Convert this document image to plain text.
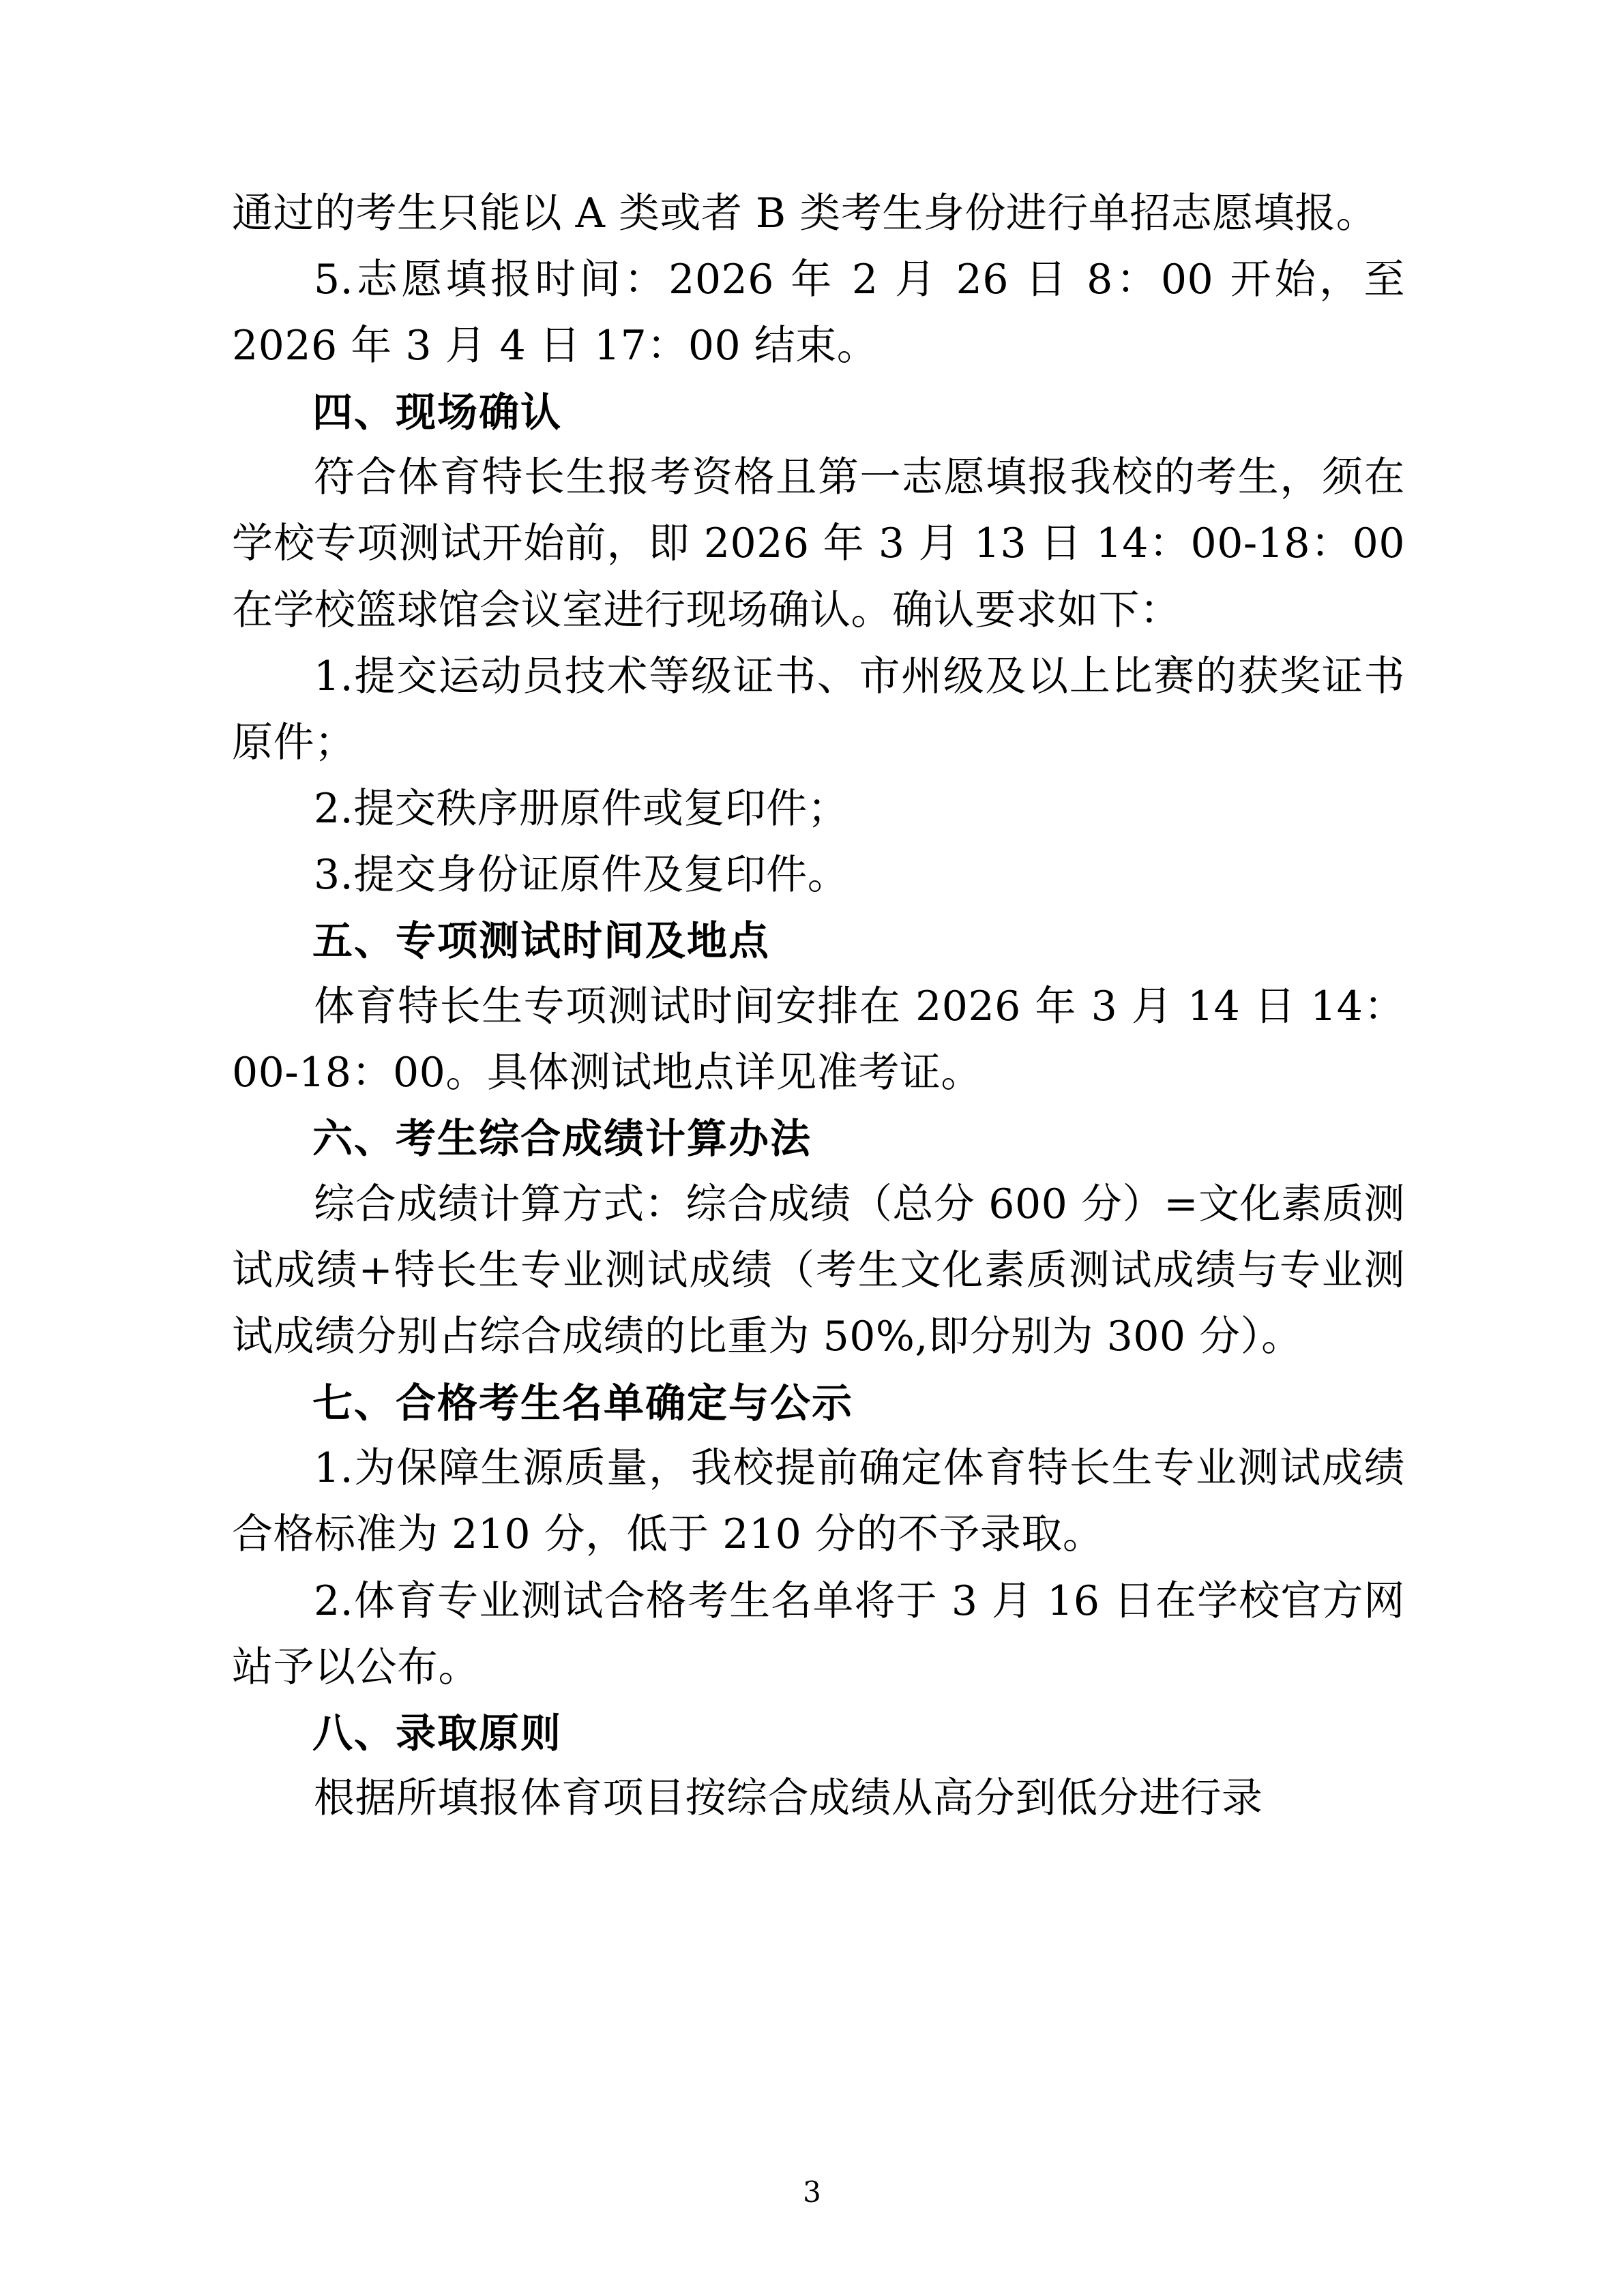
通过的考生只能以 A 类或者 B 类考生身份进行单招志愿填报。

5.志愿填报时间：2026 年 2 月 26 日 8：00 开始，至 2026 年 3 月 4 日 17：00 结束。

四、现场确认

符合体育特长生报考资格且第一志愿填报我校的考生，须在学校专项测试开始前，即 2026 年 3 月 13 日 14：00-18：00 在学校篮球馆会议室进行现场确认。确认要求如下：

1.提交运动员技术等级证书、市州级及以上比赛的获奖证书原件；

2.提交秩序册原件或复印件；

3.提交身份证原件及复印件。

五、专项测试时间及地点

体育特长生专项测试时间安排在 2026 年 3 月 14 日 14：00-18：00。具体测试地点详见准考证。

六、考生综合成绩计算办法

综合成绩计算方式：综合成绩（总分 600 分）=文化素质测试成绩+特长生专业测试成绩（考生文化素质测试成绩与专业测试成绩分别占综合成绩的比重为 50%,即分别为 300 分）。

七、合格考生名单确定与公示

1.为保障生源质量，我校提前确定体育特长生专业测试成绩合格标准为 210 分，低于 210 分的不予录取。

2.体育专业测试合格考生名单将于 3 月 16 日在学校官方网站予以公布。

八、录取原则

根据所填报体育项目按综合成绩从高分到低分进行录

3
